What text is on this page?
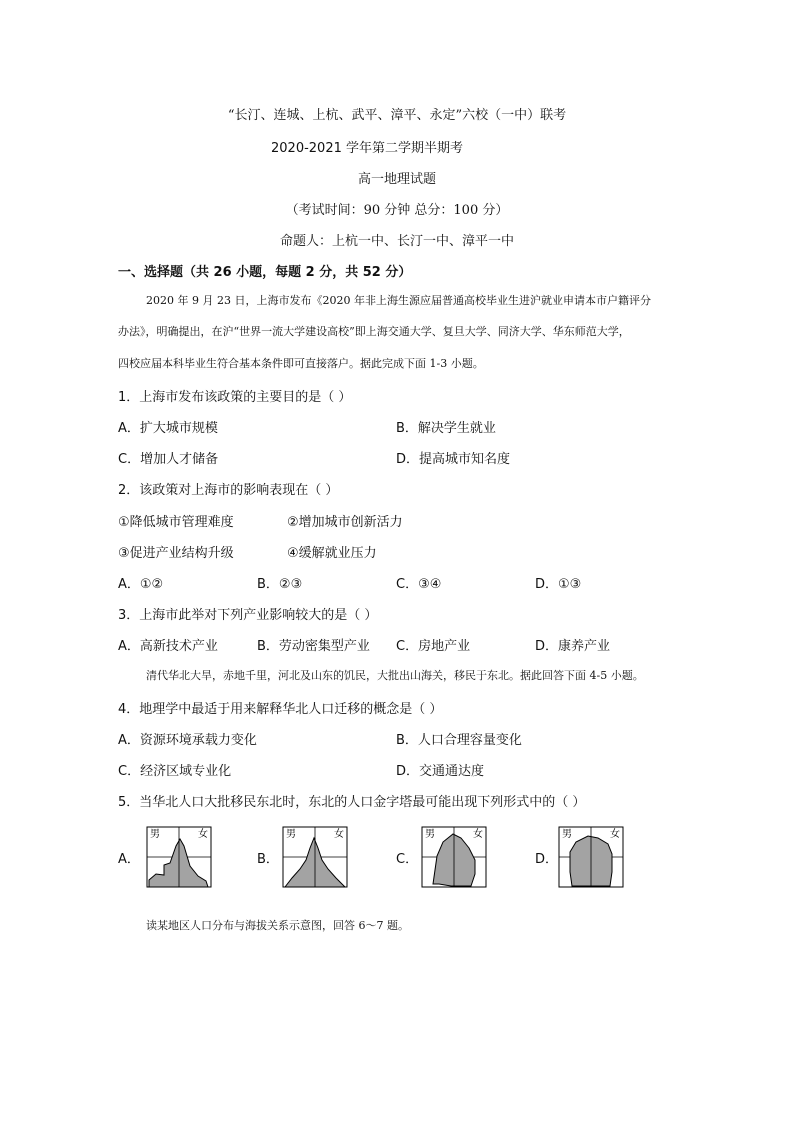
“长汀、连城、上杭、武平、漳平、永定”六校（一中）联考
2020-2021 学年第二学期半期考
高一地理试题
（考试时间：90 分钟 总分：100 分）
命题人：上杭一中、长汀一中、漳平一中
一、选择题（共 26 小题，每题 2 分，共 52 分）
2020 年 9 月 23 日，上海市发布《2020 年非上海生源应届普通高校毕业生进沪就业申请本市户籍评分
办法》，明确提出，在沪“世界一流大学建设高校”即上海交通大学、复旦大学、同济大学、华东师范大学，
四校应届本科毕业生符合基本条件即可直接落户。据此完成下面 1-3 小题。
1．上海市发布该政策的主要目的是（ ）
A．扩大城市规模	B．解决学生就业
C．增加人才储备	D．提高城市知名度
2．该政策对上海市的影响表现在（ ）
①降低城市管理难度	②增加城市创新活力
③促进产业结构升级	④缓解就业压力
A．①②	B．②③	C．③④	D．①③
3．上海市此举对下列产业影响较大的是（ ）
A．高新技术产业	B．劳动密集型产业 C．房地产业	D．康养产业
清代华北大旱，赤地千里，河北及山东的饥民，大批出山海关，移民于东北。据此回答下面 4-5 小题。
4．地理学中最适于用来解释华北人口迁移的概念是（ ）
A．资源环境承载力变化	B．人口合理容量变化
C．经济区域专业化	D．交通通达度
5．当华北人口大批移民东北时，东北的人口金字塔最可能出现下列形式中的（ ）
A．
男	女
B．
男	女
C．
男	女
D．
男	女
读某地区人口分布与海拔关系示意图，回答 6～7 题。
